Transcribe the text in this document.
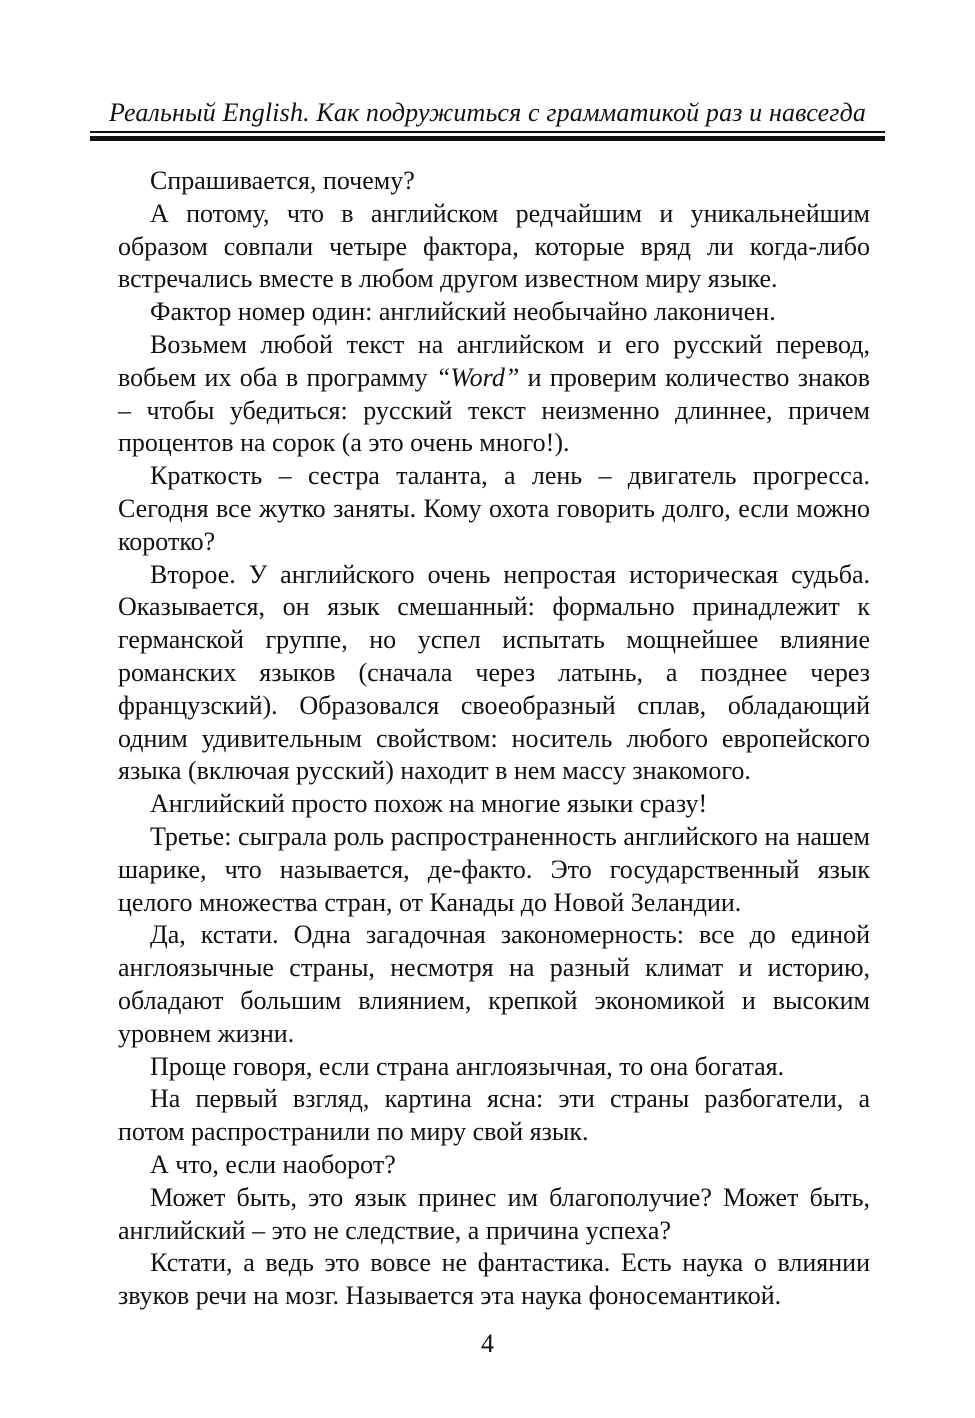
Реальный English. Как подружиться с грамматикой раз и навсегда

Спрашивается, почему?

А потому, что в английском редчайшим и уникальнейшим образом совпали четыре фактора, которые вряд ли когда-либо встречались вместе в любом другом известном миру языке.

Фактор номер один: английский необычайно лаконичен.

Возьмем любой текст на английском и его русский перевод, вобьем их оба в программу “Word” и проверим количество знаков – чтобы убедиться: русский текст неизменно длиннее, причем процентов на сорок (а это очень много!).

Краткость – сестра таланта, а лень – двигатель прогресса. Сегодня все жутко заняты. Кому охота говорить долго, если можно коротко?

Второе. У английского очень непростая историческая судьба. Оказывается, он язык смешанный: формально принадлежит к германской группе, но успел испытать мощнейшее влияние романских языков (сначала через латынь, а позднее через французский). Образовался своеобразный сплав, обладающий одним удивительным свойством: носитель любого европейского языка (включая русский) находит в нем массу знакомого.

Английский просто похож на многие языки сразу!

Третье: сыграла роль распространенность английского на нашем шарике, что называется, де-факто. Это государственный язык целого множества стран, от Канады до Новой Зеландии.

Да, кстати. Одна загадочная закономерность: все до единой англоязычные страны, несмотря на разный климат и историю, обладают большим влиянием, крепкой экономикой и высоким уровнем жизни.

Проще говоря, если страна англоязычная, то она богатая.

На первый взгляд, картина ясна: эти страны разбогатели, а потом распространили по миру свой язык.

А что, если наоборот?

Может быть, это язык принес им благополучие? Может быть, английский – это не следствие, а причина успеха?

Кстати, а ведь это вовсе не фантастика. Есть наука о влиянии звуков речи на мозг. Называется эта наука фоносемантикой.

4
